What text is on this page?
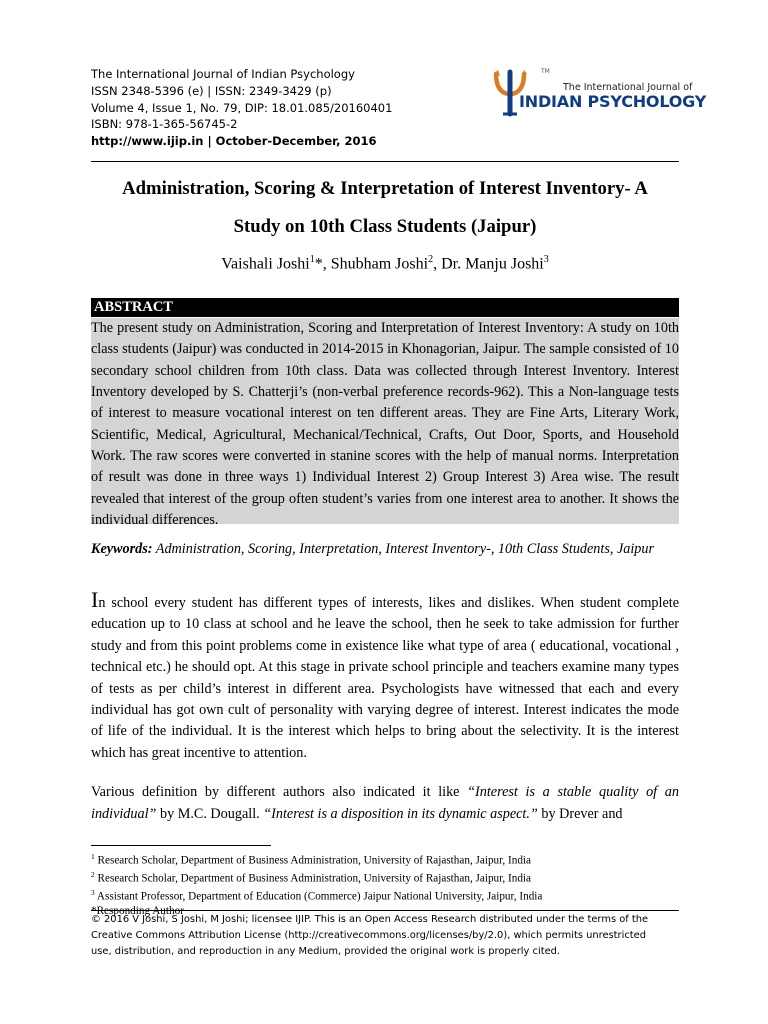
The International Journal of Indian Psychology
ISSN 2348-5396 (e) | ISSN: 2349-3429 (p)
Volume 4, Issue 1, No. 79, DIP: 18.01.085/20160401
ISBN: 978-1-365-56745-2
http://www.ijip.in | October-December, 2016
The International Journal of
INDIAN PSYCHOLOGY
TM
Administration, Scoring & Interpretation of Interest Inventory- A
Study on 10th Class Students (Jaipur)
Vaishali Joshi$^1$*, Shubham Joshi$^2$, Dr. Manju Joshi$^3$
ABSTRACT
The present study on Administration, Scoring and Interpretation of Interest Inventory: A study on 10th class students (Jaipur) was conducted in 2014-2015 in Khonagorian, Jaipur. The sample consisted of 10 secondary school children from 10th class. Data was collected through Interest Inventory. Interest Inventory developed by S. Chatterji’s (non-verbal preference records-962). This a Non-language tests of interest to measure vocational interest on ten different areas. They are Fine Arts, Literary Work, Scientific, Medical, Agricultural, Mechanical/Technical, Crafts, Out Door, Sports, and Household Work. The raw scores were converted in stanine scores with the help of manual norms. Interpretation of result was done in three ways 1) Individual Interest 2) Group Interest 3) Area wise. The result revealed that interest of the group often student’s varies from one interest area to another. It shows the individual differences.
Keywords: Administration, Scoring, Interpretation, Interest Inventory-, 10th Class Students, Jaipur
In school every student has different types of interests, likes and dislikes. When student complete education up to 10 class at school and he leave the school, then he seek to take admission for further study and from this point problems come in existence like what type of area ( educational, vocational , technical etc.) he should opt. At this stage in private school principle and teachers examine many types of tests as per child’s interest in different area. Psychologists have witnessed that each and every individual has got own cult of personality with varying degree of interest. Interest indicates the mode of life of the individual. It is the interest which helps to bring about the selectivity. It is the interest which has great incentive to attention.
Various definition by different authors also indicated it like “Interest is a stable quality of an individual” by M.C. Dougall. “Interest is a disposition in its dynamic aspect.” by Drever and
$^1$ Research Scholar, Department of Business Administration, University of Rajasthan, Jaipur, India
$^2$ Research Scholar, Department of Business Administration, University of Rajasthan, Jaipur, India
$^3$ Assistant Professor, Department of Education (Commerce) Jaipur National University, Jaipur, India
© 2016 V Joshi, S Joshi, M Joshi; licensee IJIP. This is an Open Access Research distributed under the terms of the
Creative Commons Attribution License (http://creativecommons.org/licenses/by/2.0), which permits unrestricted
use, distribution, and reproduction in any Medium, provided the original work is properly cited.
